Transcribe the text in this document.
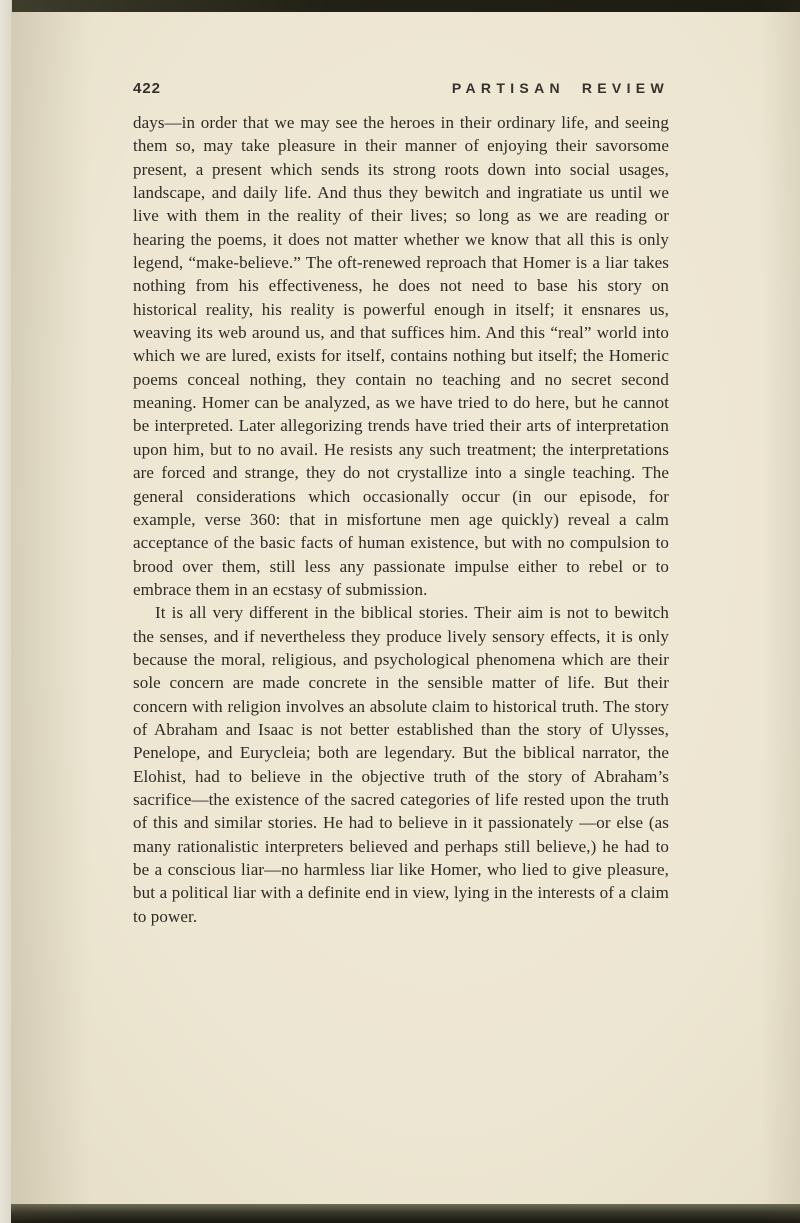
422	PARTISAN REVIEW

days—in order that we may see the heroes in their ordinary life, and seeing them so, may take pleasure in their manner of enjoying their savorsome present, a present which sends its strong roots down into social usages, landscape, and daily life. And thus they bewitch and ingratiate us until we live with them in the reality of their lives; so long as we are reading or hearing the poems, it does not matter whether we know that all this is only legend, “make-believe.” The oft-renewed reproach that Homer is a liar takes nothing from his effectiveness, he does not need to base his story on historical reality, his reality is powerful enough in itself; it ensnares us, weaving its web around us, and that suffices him. And this “real” world into which we are lured, exists for itself, contains nothing but itself; the Homeric poems conceal nothing, they contain no teaching and no secret second meaning. Homer can be analyzed, as we have tried to do here, but he cannot be interpreted. Later allegorizing trends have tried their arts of interpretation upon him, but to no avail. He resists any such treatment; the interpretations are forced and strange, they do not crystallize into a single teaching. The general considerations which occasionally occur (in our episode, for example, verse 360: that in misfortune men age quickly) reveal a calm acceptance of the basic facts of human existence, but with no compulsion to brood over them, still less any passionate impulse either to rebel or to embrace them in an ecstasy of submission.

It is all very different in the biblical stories. Their aim is not to bewitch the senses, and if nevertheless they produce lively sensory effects, it is only because the moral, religious, and psychological phenomena which are their sole concern are made concrete in the sensible matter of life. But their concern with religion involves an absolute claim to historical truth. The story of Abraham and Isaac is not better established than the story of Ulysses, Penelope, and Eurycleia; both are legendary. But the biblical narrator, the Elohist, had to believe in the objective truth of the story of Abraham’s sacrifice—the existence of the sacred categories of life rested upon the truth of this and similar stories. He had to believe in it passionately —or else (as many rationalistic interpreters believed and perhaps still believe,) he had to be a conscious liar—no harmless liar like Homer, who lied to give pleasure, but a political liar with a definite end in view, lying in the interests of a claim to power.
